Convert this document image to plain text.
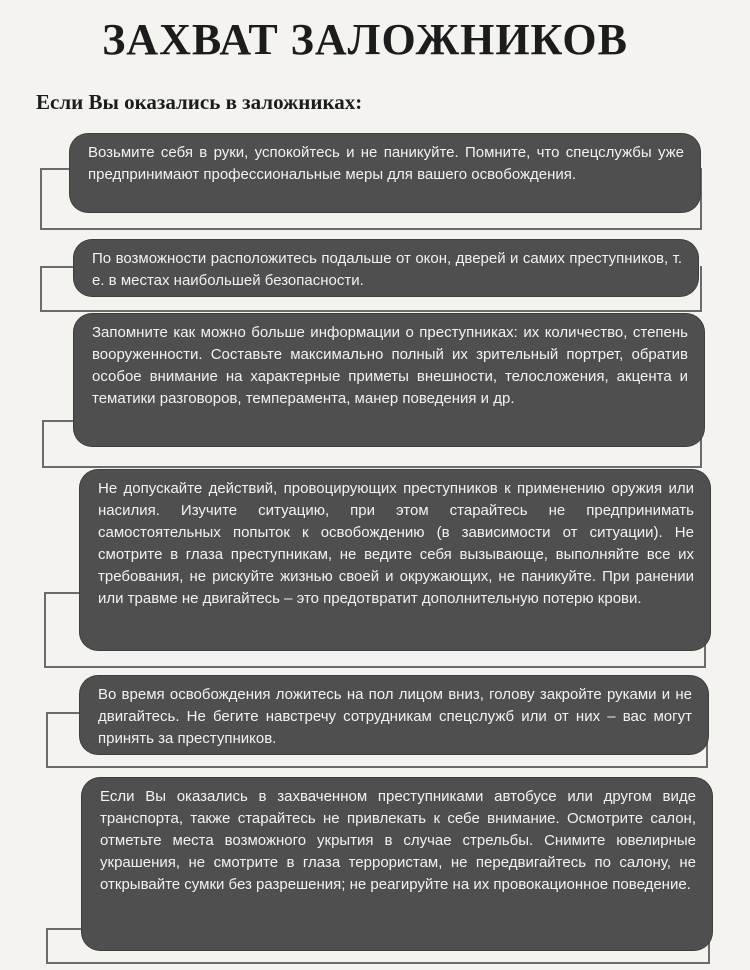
ЗАХВАТ ЗАЛОЖНИКОВ
Если Вы оказались в заложниках:
Возьмите себя в руки, успокойтесь и не паникуйте. Помните, что спецслужбы уже предпринимают профессиональные меры для вашего освобождения.
По возможности расположитесь подальше от окон, дверей и самих преступников, т. е. в местах наибольшей безопасности.
Запомните как можно больше информации о преступниках: их количество, степень вооруженности. Составьте максимально полный их зрительный портрет, обратив особое внимание на характерные приметы внешности, телосложения, акцента и тематики разговоров, темперамента, манер поведения и др.
Не допускайте действий, провоцирующих преступников к применению оружия или насилия. Изучите ситуацию, при этом старайтесь не предпринимать самостоятельных попыток к освобождению (в зависимости от ситуации). Не смотрите в глаза преступникам, не ведите себя вызывающе, выполняйте все их требования, не рискуйте жизнью своей и окружающих, не паникуйте. При ранении или травме не двигайтесь – это предотвратит дополнительную потерю крови.
Во время освобождения ложитесь на пол лицом вниз, голову закройте руками и не двигайтесь. Не бегите навстречу сотрудникам спецслужб или от них – вас могут принять за преступников.
Если Вы оказались в захваченном преступниками автобусе или другом виде транспорта, также старайтесь не привлекать к себе внимание. Осмотрите салон, отметьте места возможного укрытия в случае стрельбы. Снимите ювелирные украшения, не смотрите в глаза террористам, не передвигайтесь по салону, не открывайте сумки без разрешения; не реагируйте на их провокационное поведение.
